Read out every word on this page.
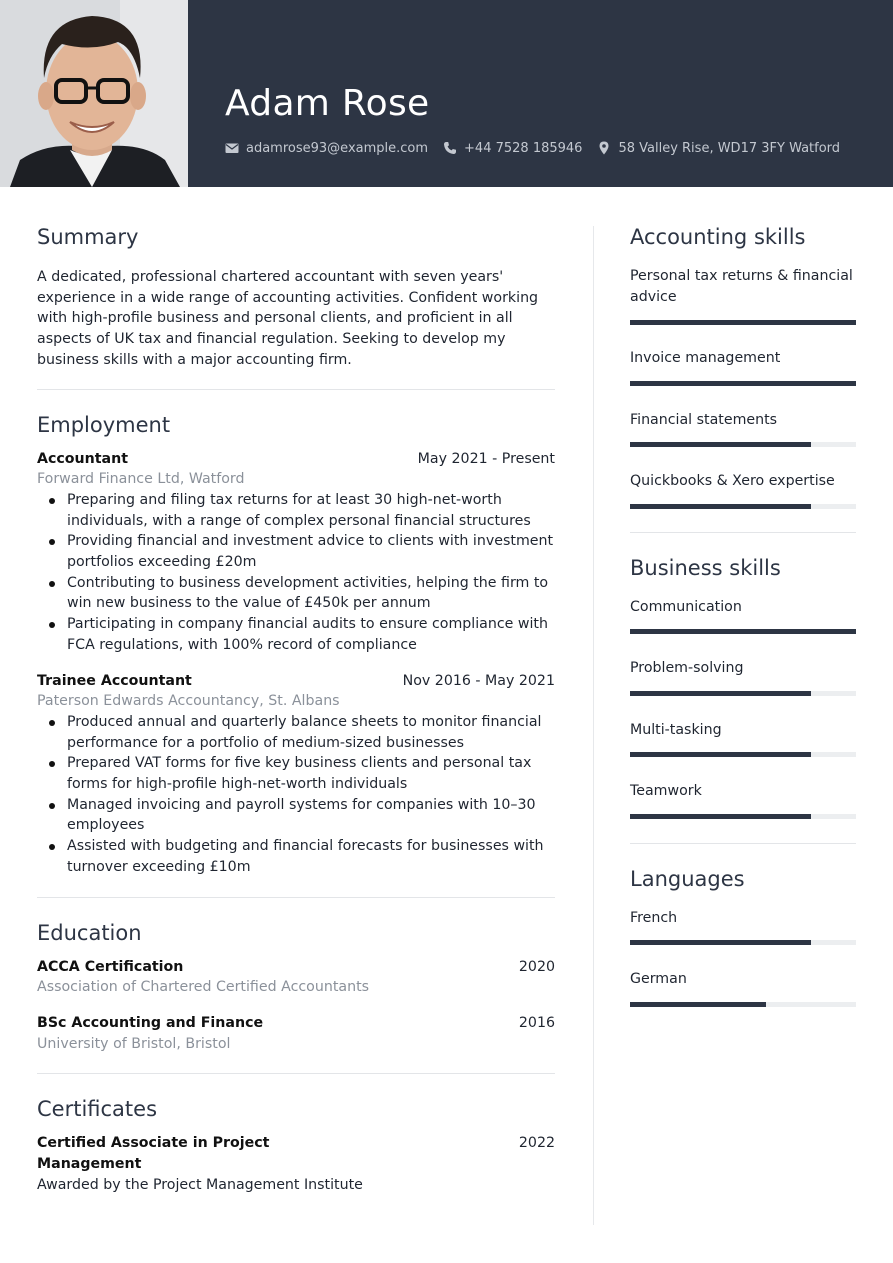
Adam Rose
adamrose93@example.com	+44 7528 185946	58 Valley Rise, WD17 3FY Watford
Summary

A dedicated, professional chartered accountant with seven years' experience in a wide range of accounting activities. Confident working with high-profile business and personal clients, and proficient in all aspects of UK tax and financial regulation. Seeking to develop my business skills with a major accounting firm.

Employment
Accountant	May 2021 - Present
Forward Finance Ltd, Watford
Preparing and filing tax returns for at least 30 high-net-worth individuals, with a range of complex personal financial structures
Providing financial and investment advice to clients with investment portfolios exceeding £20m
Contributing to business development activities, helping the firm to win new business to the value of £450k per annum
Participating in company financial audits to ensure compliance with FCA regulations, with 100% record of compliance
Trainee Accountant	Nov 2016 - May 2021
Paterson Edwards Accountancy, St. Albans
Produced annual and quarterly balance sheets to monitor financial performance for a portfolio of medium-sized businesses
Prepared VAT forms for five key business clients and personal tax forms for high-profile high-net-worth individuals
Managed invoicing and payroll systems for companies with 10–30 employees
Assisted with budgeting and financial forecasts for businesses with turnover exceeding £10m
Education
ACCA Certification	2020
Association of Chartered Certified Accountants
BSc Accounting and Finance	2016
University of Bristol, Bristol
Certificates
Certified Associate in Project Management
2022
Awarded by the Project Management Institute
Accounting skills
Personal tax returns & financial advice
Invoice management
Financial statements
Quickbooks & Xero expertise
Business skills
Communication
Problem-solving
Multi-tasking
Teamwork
Languages
French
German
